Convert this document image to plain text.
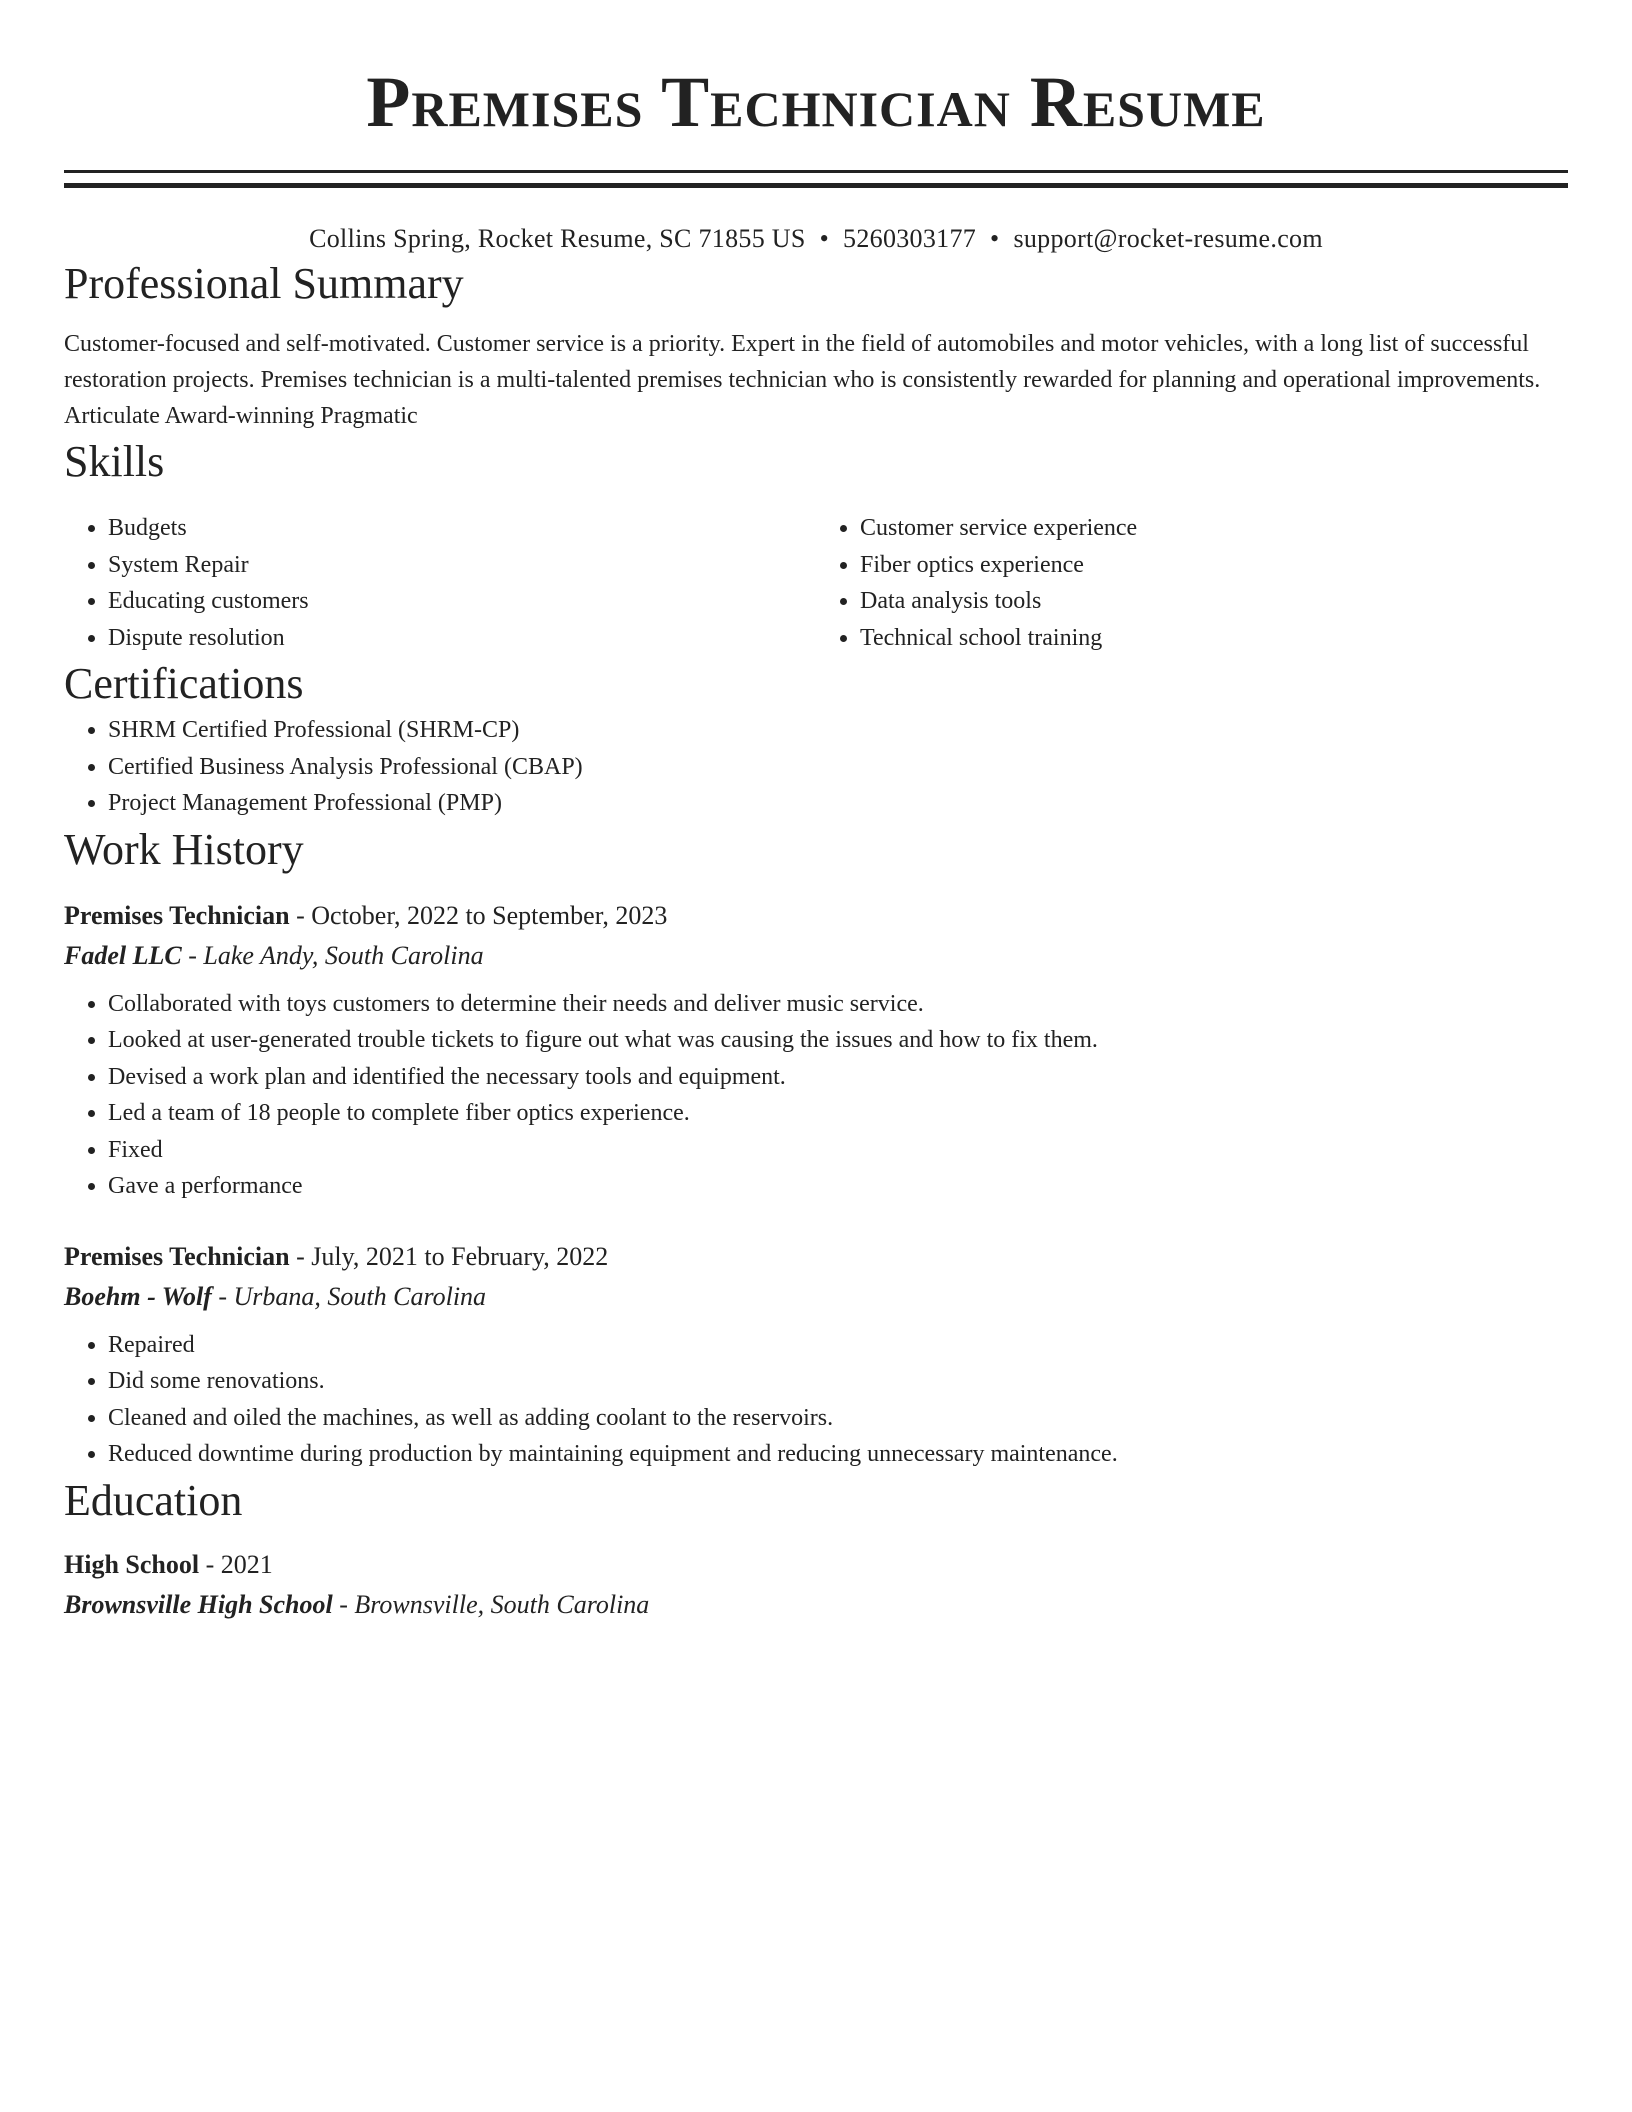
Premises Technician Resume
Collins Spring, Rocket Resume, SC 71855 US • 5260303177 • support@rocket-resume.com
Professional Summary

Customer-focused and self-motivated. Customer service is a priority. Expert in the field of automobiles and motor vehicles, with a long list of successful restoration projects. Premises technician is a multi-talented premises technician who is consistently rewarded for planning and operational improvements. Articulate Award-winning Pragmatic

Skills
• Budgets
• System Repair
• Educating customers
• Dispute resolution
• Customer service experience
• Fiber optics experience
• Data analysis tools
• Technical school training
Certifications
• SHRM Certified Professional (SHRM-CP)
• Certified Business Analysis Professional (CBAP)
• Project Management Professional (PMP)
Work History
Premises Technician - October, 2022 to September, 2023
Fadel LLC - Lake Andy, South Carolina
• Collaborated with toys customers to determine their needs and deliver music service.
• Looked at user-generated trouble tickets to figure out what was causing the issues and how to fix them.
• Devised a work plan and identified the necessary tools and equipment.
• Led a team of 18 people to complete fiber optics experience.
• Fixed
• Gave a performance
Premises Technician - July, 2021 to February, 2022
Boehm - Wolf - Urbana, South Carolina
• Repaired
• Did some renovations.
• Cleaned and oiled the machines, as well as adding coolant to the reservoirs.
• Reduced downtime during production by maintaining equipment and reducing unnecessary maintenance.
Education
High School - 2021
Brownsville High School - Brownsville, South Carolina
